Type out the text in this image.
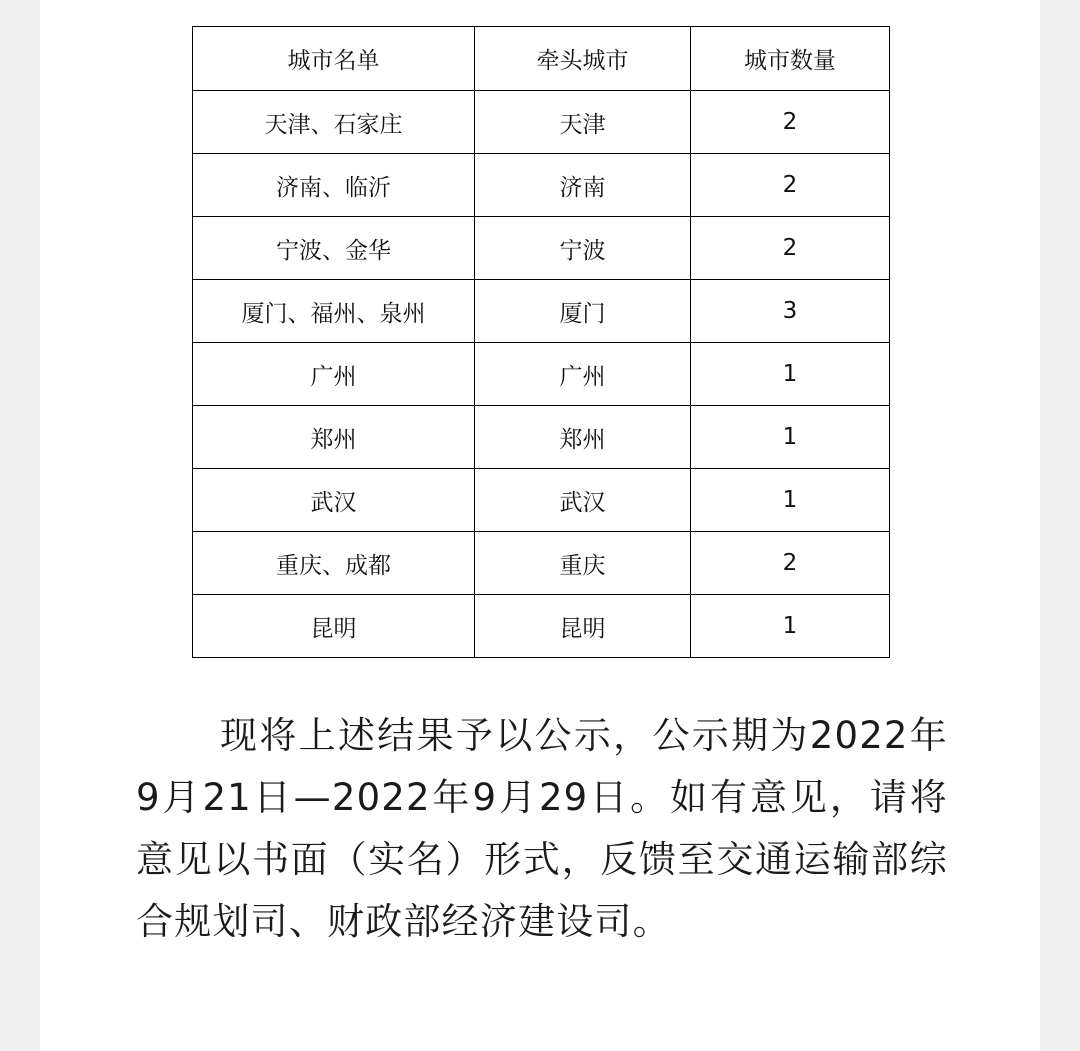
城市名单	牵头城市	城市数量
天津、石家庄	天津	2
济南、临沂	济南	2
宁波、金华	宁波	2
厦门、福州、泉州	厦门	3
广州	广州	1
郑州	郑州	1
武汉	武汉	1
重庆、成都	重庆	2
昆明	昆明	1

现将上述结果予以公示，公示期为2022年9月21日—2022年9月29日。如有意见，请将意见以书面（实名）形式，反馈至交通运输部综合规划司、财政部经济建设司。
